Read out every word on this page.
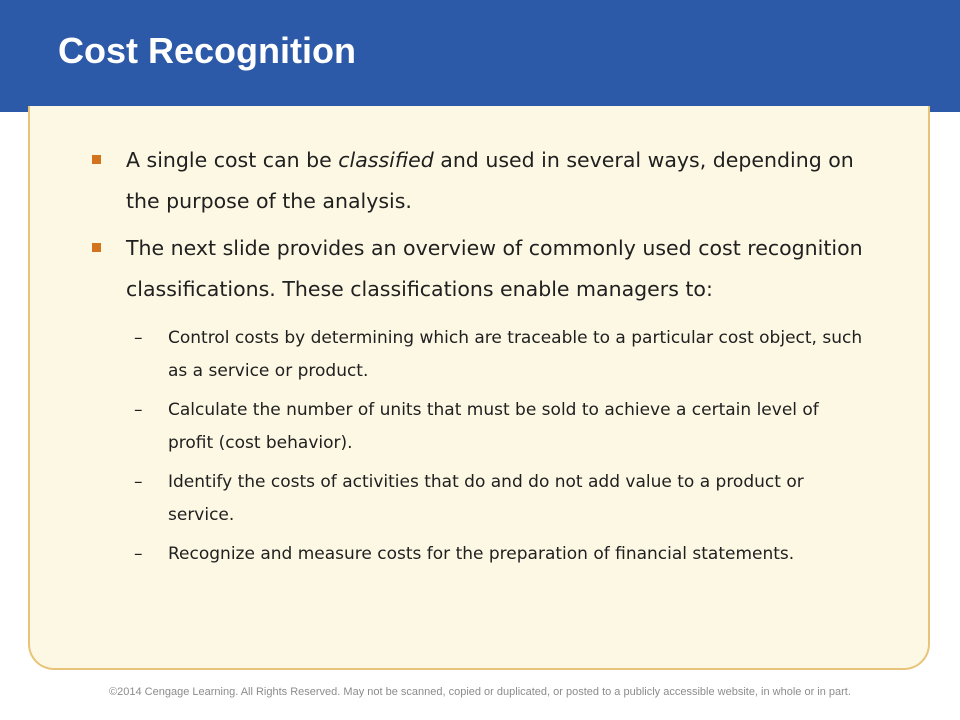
Cost Recognition
A single cost can be classified and used in several ways, depending on the purpose of the analysis.
The next slide provides an overview of commonly used cost recognition classifications. These classifications enable managers to:
– Control costs by determining which are traceable to a particular cost object, such as a service or product.
– Calculate the number of units that must be sold to achieve a certain level of profit (cost behavior).
– Identify the costs of activities that do and do not add value to a product or service.
– Recognize and measure costs for the preparation of financial statements.
©2014 Cengage Learning. All Rights Reserved. May not be scanned, copied or duplicated, or posted to a publicly accessible website, in whole or in part.
